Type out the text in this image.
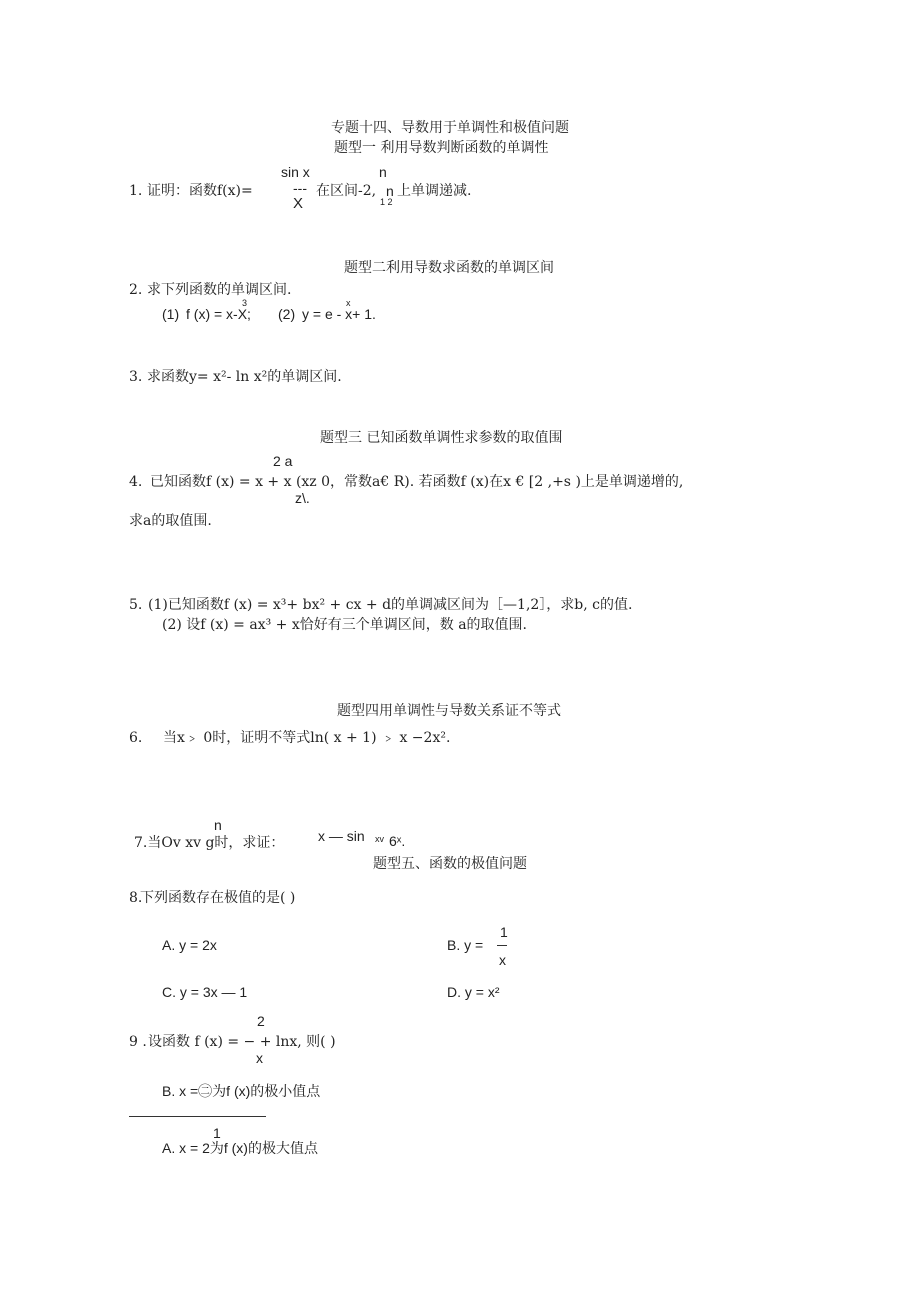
专题十四、导数用于单调性和极值问题
题型一 利用导数判断函数的单调性
sin x	n
1. 证明：函数f(x)=	--- 在区间-2, n 上单调递减.
X	1 2
题型二利用导数求函数的单调区间
2. 求下列函数的单调区间.
3	x
(1) f (x) = x-X; (2) y = e - x+ 1.
3. 求函数y= x²- ln x²的单调区间.
题型三 已知函数单调性求参数的取值围
2 a
4. 已知函数f (x) = x + x (xz 0，常数a€ R). 若函数f (x)在x € [2 ,+s )上是单调递增的,
z\.
求a的取值围.
5. (1)已知函数f (x) = x³+ bx² + cx + d的单调减区间为［—1,2］，求b, c的值.
(2) 设f (x) = ax³ + x恰好有三个单调区间，数 a的取值围.
题型四用单调性与导数关系证不等式
6. 当x﹥ 0时，证明不等式ln( x + 1) ﹥ x −2x².
n
7.当Ov xv g时，求证： x — sin xv 6ˣ.
题型五、函数的极值问题
8.
下列函数存在极值的是( )
1
A. y = 2x	B. y =
x
C. y = 3x — 1	D. y = x²
2
9 . 设函数 f (x) = − + lnx, 则( )
x
B. x =㊁为f (x)的极小值点
1
A. x = 2为f (x)的极大值点
